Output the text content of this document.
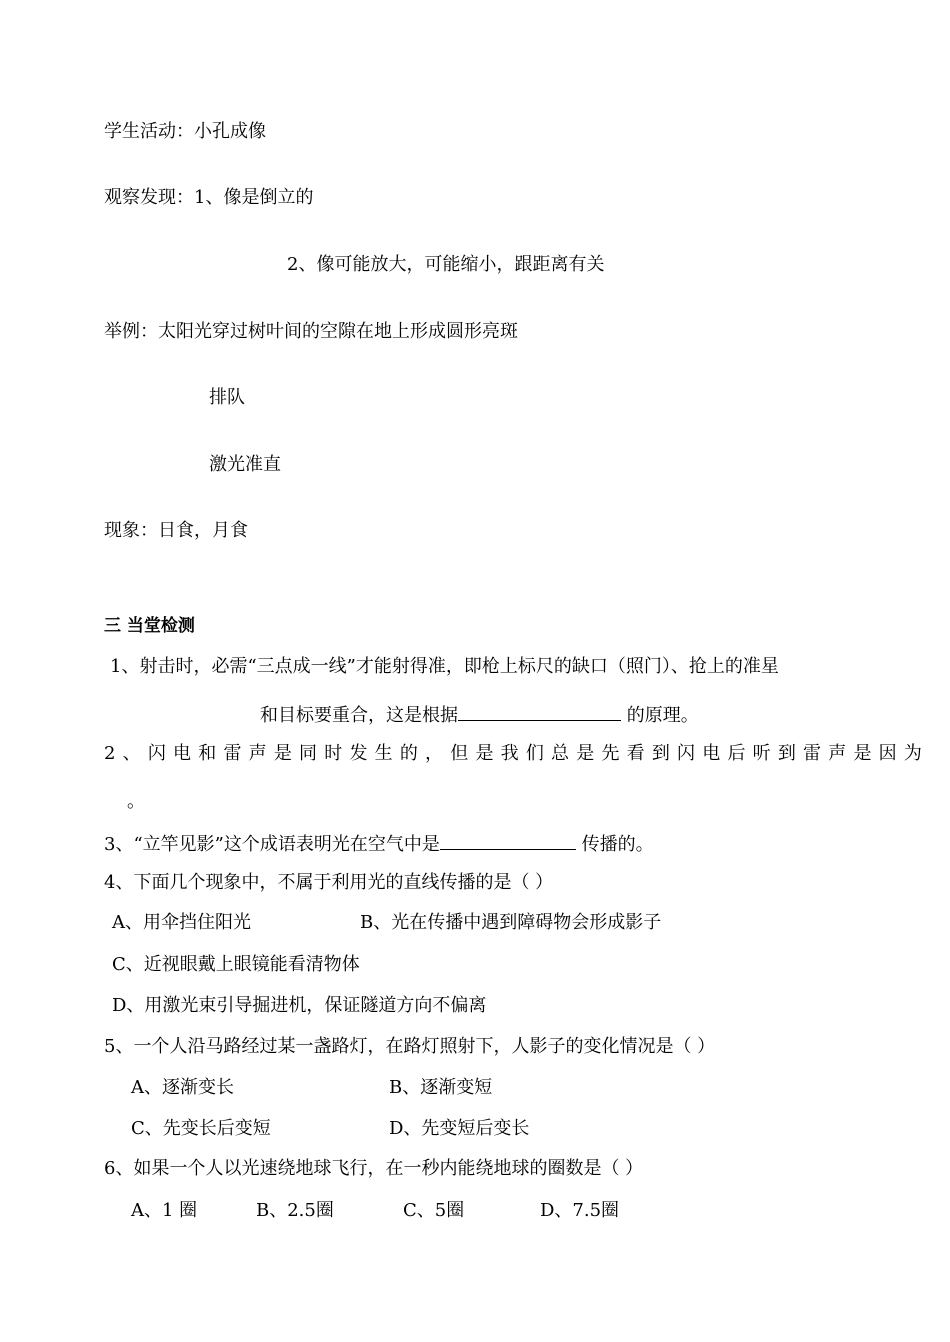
学生活动：小孔成像
观察发现：1、像是倒立的
2、像可能放大，可能缩小，跟距离有关
举例：太阳光穿过树叶间的空隙在地上形成圆形亮斑
排队
激光准直
现象：日食，月食
三 当堂检测
1、射击时，必需“三点成一线”才能射得准，即枪上标尺的缺口（照门）、抢上的准星
和目标要重合，这是根据	的原理。
2、闪电和雷声是同时发生的，但是我们总是先看到闪电后听到雷声是因为
。
3、“立竿见影”这个成语表明光在空气中是	传播的。
4、下面几个现象中，不属于利用光的直线传播的是（ ）
A、用伞挡住阳光	B、光在传播中遇到障碍物会形成影子
C、近视眼戴上眼镜能看清物体
D、用激光束引导掘进机，保证隧道方向不偏离
5、一个人沿马路经过某一盏路灯，在路灯照射下，人影子的变化情况是（ ）
A、逐渐变长	B、逐渐变短
C、先变长后变短	D、先变短后变长
6、如果一个人以光速绕地球飞行，在一秒内能绕地球的圈数是（ ）
A、1 圈	B、2.5圈	C、5圈	D、7.5圈
